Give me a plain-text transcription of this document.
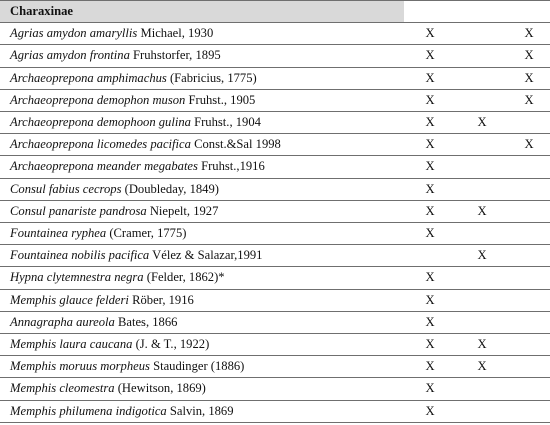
Charaxinae			
Agrias amydon amaryllis Michael, 1930	X		X
Agrias amydon frontina Fruhstorfer, 1895	X		X
Archaeoprepona amphimachus (Fabricius, 1775)	X		X
Archaeoprepona demophon muson Fruhst., 1905	X		X
Archaeoprepona demophoon gulina Fruhst., 1904	X	X	
Archaeoprepona licomedes pacifica Const.&Sal 1998	X		X
Archaeoprepona meander megabates Fruhst.,1916	X		
Consul fabius cecrops (Doubleday, 1849)	X		
Consul panariste pandrosa Niepelt, 1927	X	X	
Fountainea ryphea (Cramer, 1775)	X		
Fountainea nobilis pacifica Vélez & Salazar,1991		X	
Hypna clytemnestra negra (Felder, 1862)*	X		
Memphis glauce felderi Röber, 1916	X		
Annagrapha aureola Bates, 1866	X		
Memphis laura caucana (J. & T., 1922)	X	X	
Memphis moruus morpheus Staudinger (1886)	X	X	
Memphis cleomestra (Hewitson, 1869)	X		
Memphis philumena indigotica Salvin, 1869	X		
